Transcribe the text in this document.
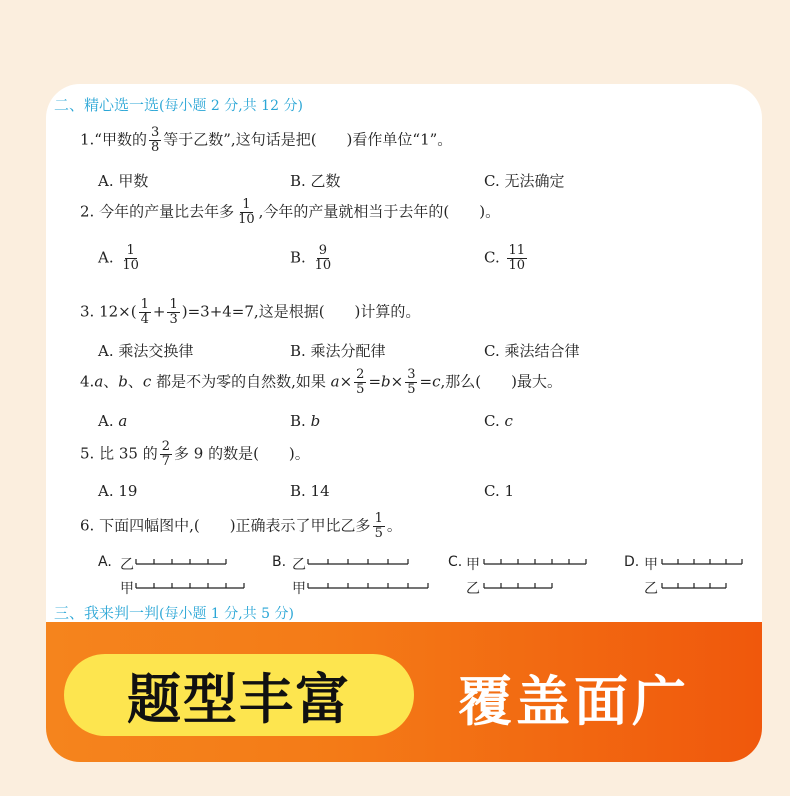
二、精心选一选(每小题 2 分,共 12 分)
1.“甲数的 $\frac{3}{8}$ 等于乙数”,这句话是把(　　)看作单位“1”。
A. 甲数	B. 乙数	C. 无法确定
2. 今年的产量比去年多 $\frac{1}{10}$ ,今年的产量就相当于去年的(　　)。
A. $\frac{1}{10}$	B. $\frac{9}{10}$	C. $\frac{11}{10}$
3. $12\times( \frac{1}{4} + \frac{1}{3} )=3+4=7$,这是根据(　　)计算的。
A. 乘法交换律	B. 乘法分配律	C. 乘法结合律
4.a、b、c 都是不为零的自然数,如果 $a\times \frac{2}{5} =b\times \frac{3}{5} =c$,那么(　　)最大。
A. a	B. b	C. c
5. 比 35 的 $\frac{2}{7}$ 多 9 的数是(　　)。
A. 19	B. 14	C. 1
6. 下面四幅图中,(　　)正确表示了甲比乙多 $\frac{1}{5}$ 。
A. 乙
甲
B. 乙
甲
C. 甲
乙
D. 甲
乙
三、我来判一判(每小题 1 分,共 5 分)
题型丰富	覆盖面广
